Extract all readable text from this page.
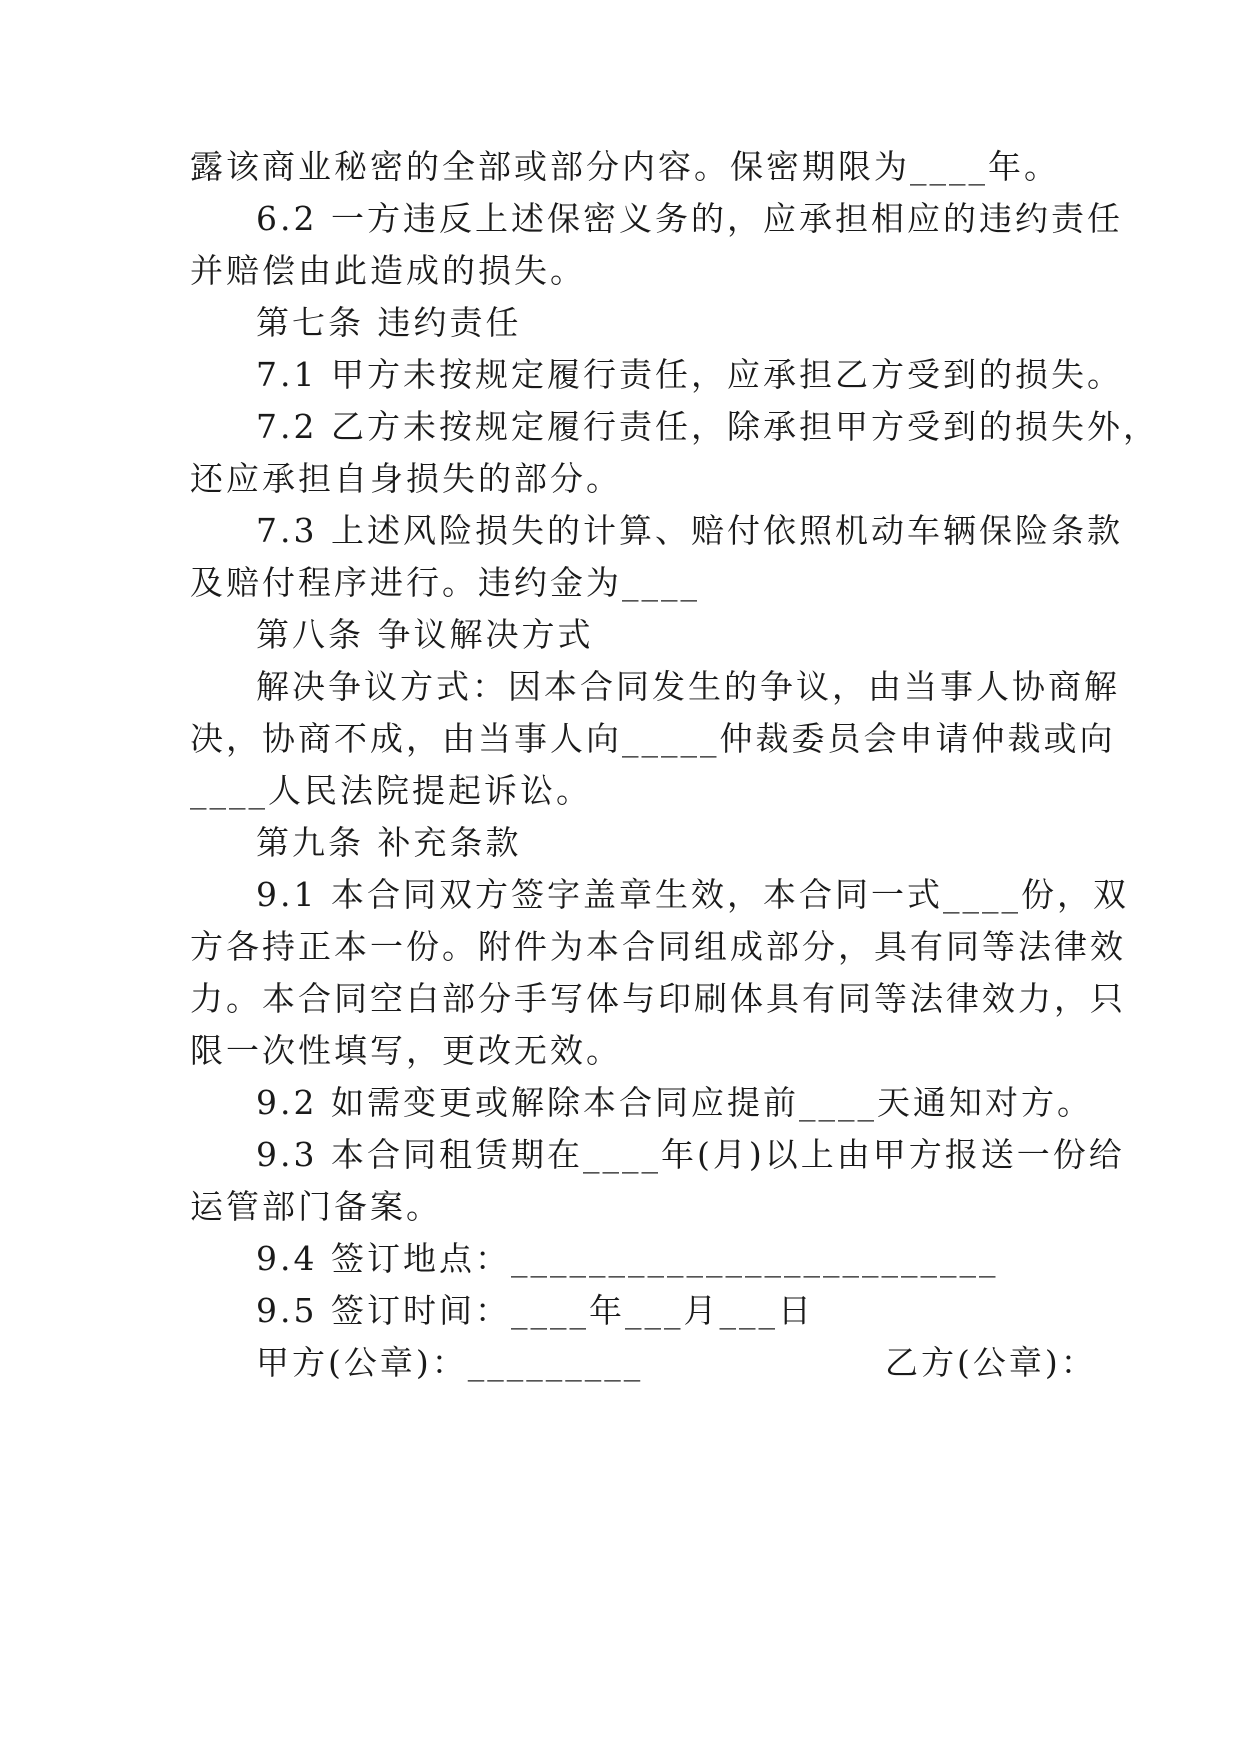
露该商业秘密的全部或部分内容。保密期限为____年。
6.2 一方违反上述保密义务的，应承担相应的违约责任
并赔偿由此造成的损失。
第七条 违约责任
7.1 甲方未按规定履行责任，应承担乙方受到的损失。
7.2 乙方未按规定履行责任，除承担甲方受到的损失外，
还应承担自身损失的部分。
7.3 上述风险损失的计算、赔付依照机动车辆保险条款
及赔付程序进行。违约金为____
第八条 争议解决方式
解决争议方式：因本合同发生的争议，由当事人协商解
决，协商不成，由当事人向_____仲裁委员会申请仲裁或向
____人民法院提起诉讼。
第九条 补充条款
9.1 本合同双方签字盖章生效，本合同一式____份，双
方各持正本一份。附件为本合同组成部分，具有同等法律效
力。本合同空白部分手写体与印刷体具有同等法律效力，只
限一次性填写，更改无效。
9.2 如需变更或解除本合同应提前____天通知对方。
9.3 本合同租赁期在____年(月)以上由甲方报送一份给
运管部门备案。
9.4 签订地点：_________________________
9.5 签订时间：____年___月___日
甲方(公章)：_________	乙方(公章)：
